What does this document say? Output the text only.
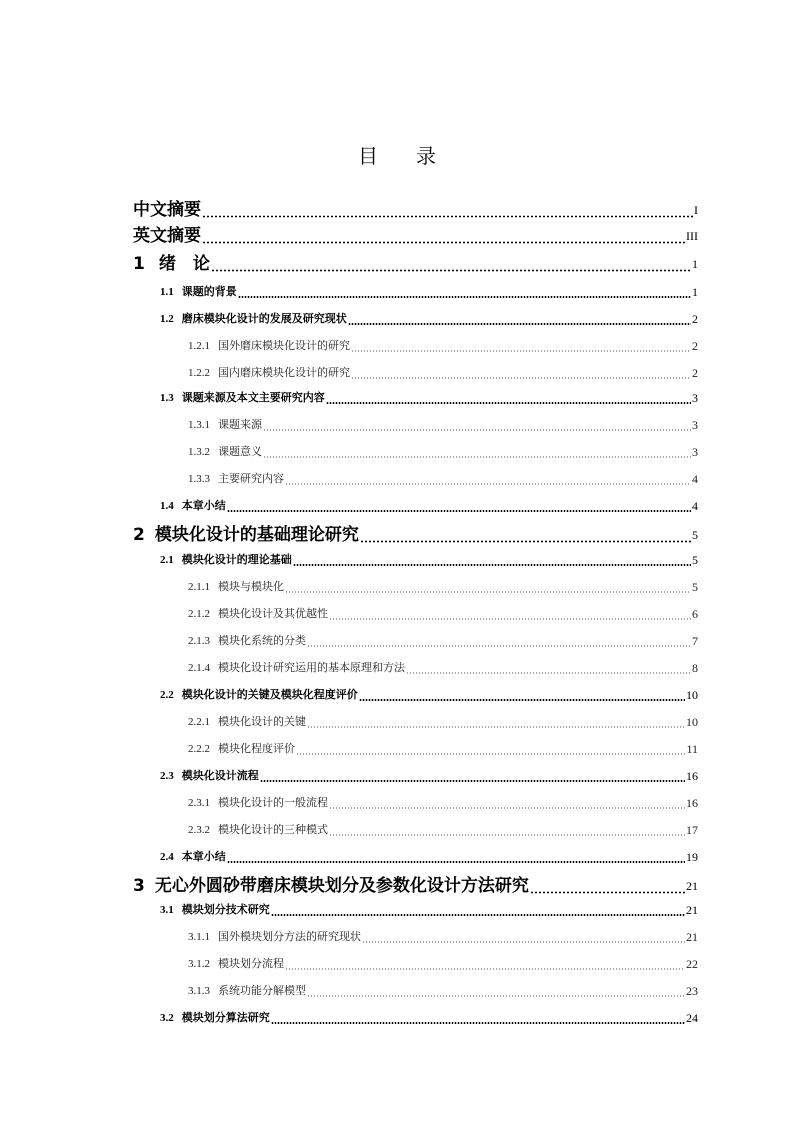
目 录
中文摘要	I
英文摘要	III
1 绪　论	1
1.1 课题的背景	1
1.2 磨床模块化设计的发展及研究现状	2
1.2.1 国外磨床模块化设计的研究	2
1.2.2 国内磨床模块化设计的研究	2
1.3 课题来源及本文主要研究内容	3
1.3.1 课题来源	3
1.3.2 课题意义	3
1.3.3 主要研究内容	4
1.4 本章小结	4
2 模块化设计的基础理论研究	5
2.1 模块化设计的理论基础	5
2.1.1 模块与模块化	5
2.1.2 模块化设计及其优越性	6
2.1.3 模块化系统的分类	7
2.1.4 模块化设计研究运用的基本原理和方法	8
2.2 模块化设计的关键及模块化程度评价	10
2.2.1 模块化设计的关键	10
2.2.2 模块化程度评价	11
2.3 模块化设计流程	16
2.3.1 模块化设计的一般流程	16
2.3.2 模块化设计的三种模式	17
2.4 本章小结	19
3 无心外圆砂带磨床模块划分及参数化设计方法研究	21
3.1 模块划分技术研究	21
3.1.1 国外模块划分方法的研究现状	21
3.1.2 模块划分流程	22
3.1.3 系统功能分解模型	23
3.2 模块划分算法研究	24
